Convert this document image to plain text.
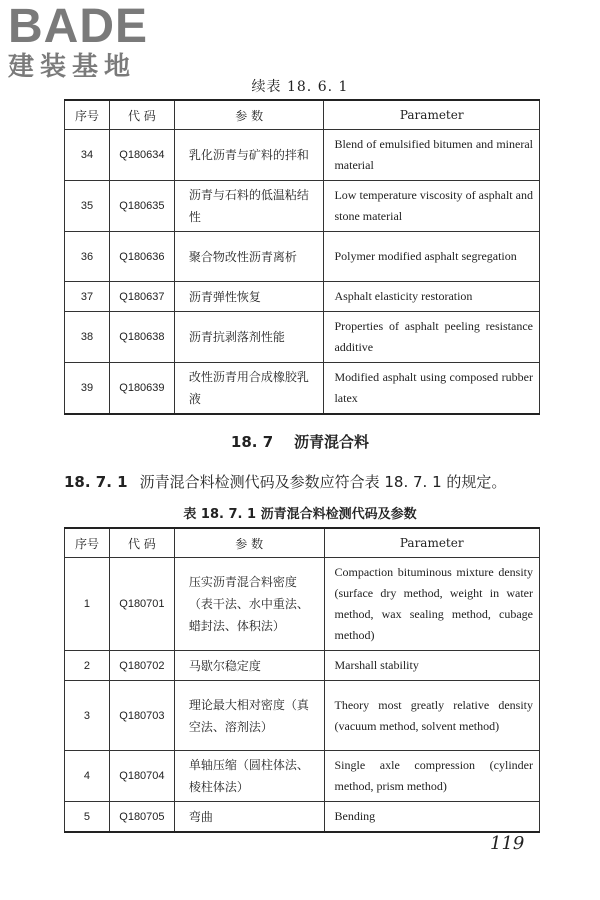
BADE
建装基地
续表 18. 6. 1
序号	代 码	参 数	Parameter
34	Q180634	乳化沥青与矿料的拌和	Blend of emulsified bitumen and mineral material
35	Q180635	沥青与石料的低温粘结性	Low temperature viscosity of asphalt and stone material
36	Q180636	聚合物改性沥青离析	Polymer modified asphalt segregation
37	Q180637	沥青弹性恢复	Asphalt elasticity restoration
38	Q180638	沥青抗剥落剂性能	Properties of asphalt peeling resistance additive
39	Q180639	改性沥青用合成橡胶乳液	Modified asphalt using composed rubber latex
18. 7 沥青混合料
18. 7. 1 沥青混合料检测代码及参数应符合表 18. 7. 1 的规定。
表 18. 7. 1 沥青混合料检测代码及参数
序号	代 码	参 数	Parameter
1	Q180701	压实沥青混合料密度（表干法、水中重法、蜡封法、体积法）	Compaction bituminous mixture density (surface dry method, weight in water method, wax sealing method, cubage method)
2	Q180702	马歇尔稳定度	Marshall stability
3	Q180703	理论最大相对密度（真空法、溶剂法）	Theory most greatly relative density (vacuum method, solvent method)
4	Q180704	单轴压缩（圆柱体法、棱柱体法）	Single axle compression (cylinder method, prism method)
5	Q180705	弯曲	Bending
119
